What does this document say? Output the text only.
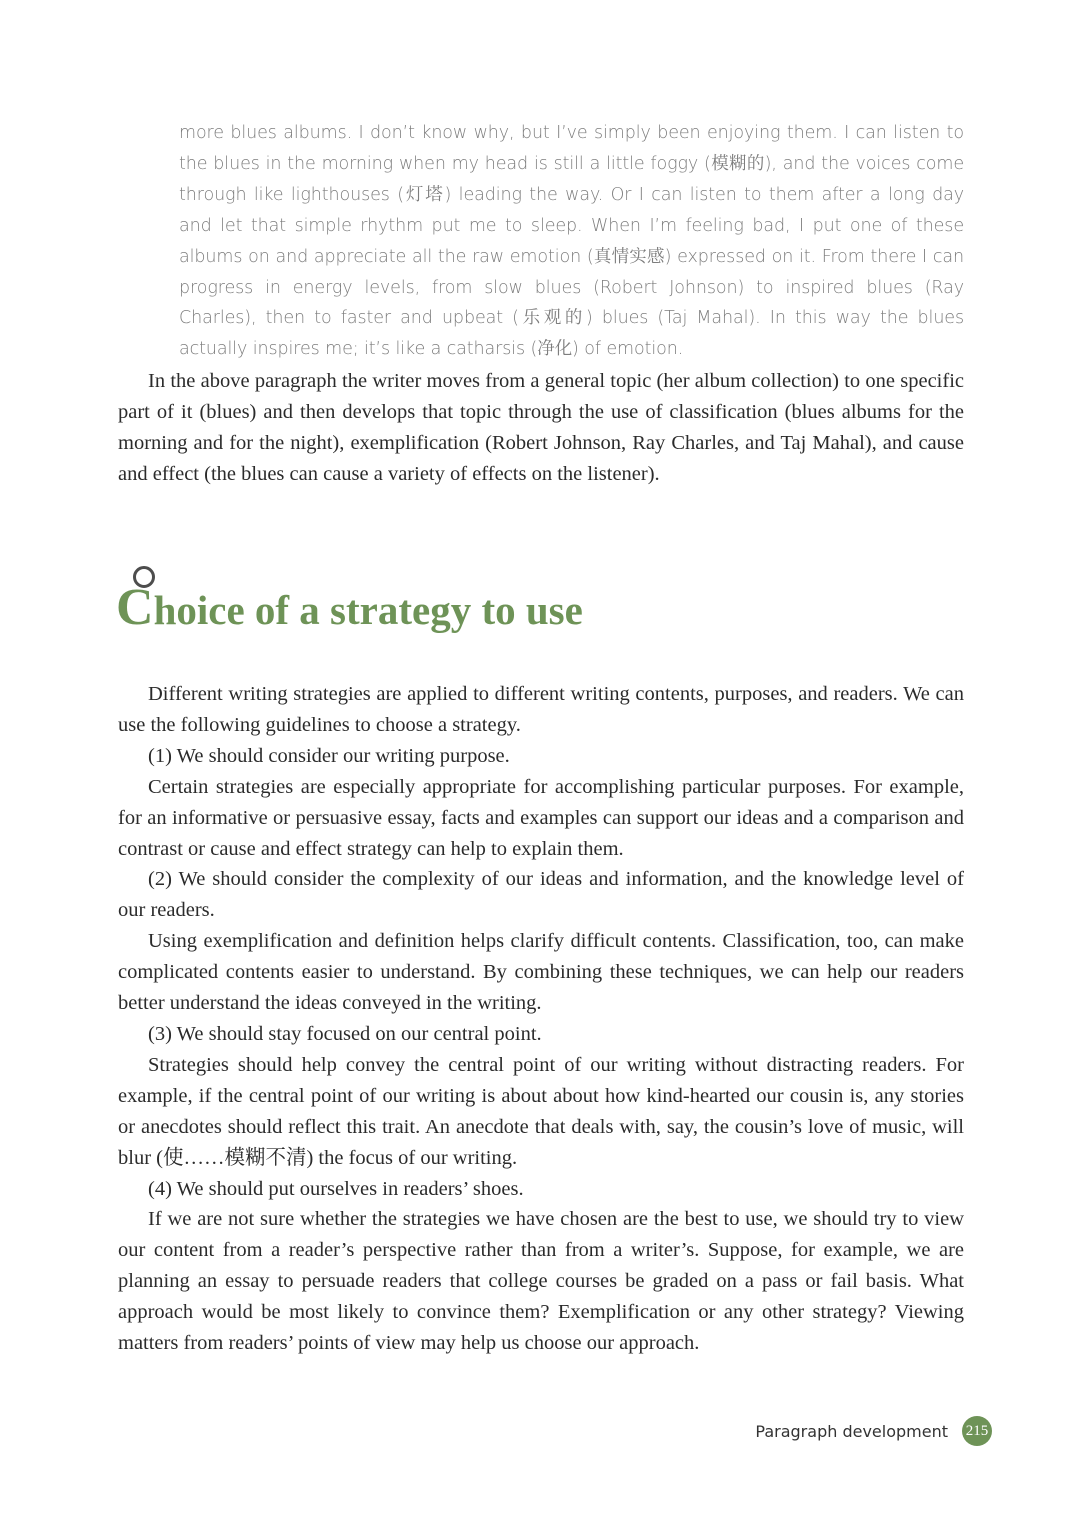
more blues albums. I don’t know why, but I’ve simply been enjoying them. I can listen to the blues in the morning when my head is still a little foggy (模糊的), and the voices come through like lighthouses (灯塔) leading the way. Or I can listen to them after a long day and let that simple rhythm put me to sleep. When I’m feeling bad, I put one of these albums on and appreciate all the raw emotion (真情实感) expressed on it. From there I can progress in energy levels, from slow blues (Robert Johnson) to inspired blues (Ray Charles), then to faster and upbeat (乐观的) blues (Taj Mahal). In this way the blues actually inspires me; it’s like a catharsis (净化) of emotion.
In the above paragraph the writer moves from a general topic (her album collection) to one specific part of it (blues) and then develops that topic through the use of classification (blues albums for the morning and for the night), exemplification (Robert Johnson, Ray Charles, and Taj Mahal), and cause and effect (the blues can cause a variety of effects on the listener).
Choice of a strategy to use

Different writing strategies are applied to different writing contents, purposes, and readers. We can use the following guidelines to choose a strategy.

(1) We should consider our writing purpose.

Certain strategies are especially appropriate for accomplishing particular purposes. For example, for an informative or persuasive essay, facts and examples can support our ideas and a comparison and contrast or cause and effect strategy can help to explain them.

(2) We should consider the complexity of our ideas and information, and the knowledge level of our readers.

Using exemplification and definition helps clarify difficult contents. Classification, too, can make complicated contents easier to understand. By combining these techniques, we can help our readers better understand the ideas conveyed in the writing.

(3) We should stay focused on our central point.

Strategies should help convey the central point of our writing without distracting readers. For example, if the central point of our writing is about about how kind-hearted our cousin is, any stories or anecdotes should reflect this trait. An anecdote that deals with, say, the cousin’s love of music, will blur (使……模糊不清) the focus of our writing.

(4) We should put ourselves in readers’ shoes.

If we are not sure whether the strategies we have chosen are the best to use, we should try to view our content from a reader’s perspective rather than from a writer’s. Suppose, for example, we are planning an essay to persuade readers that college courses be graded on a pass or fail basis. What approach would be most likely to convince them? Exemplification or any other strategy? Viewing matters from readers’ points of view may help us choose our approach.

Paragraph development 215
